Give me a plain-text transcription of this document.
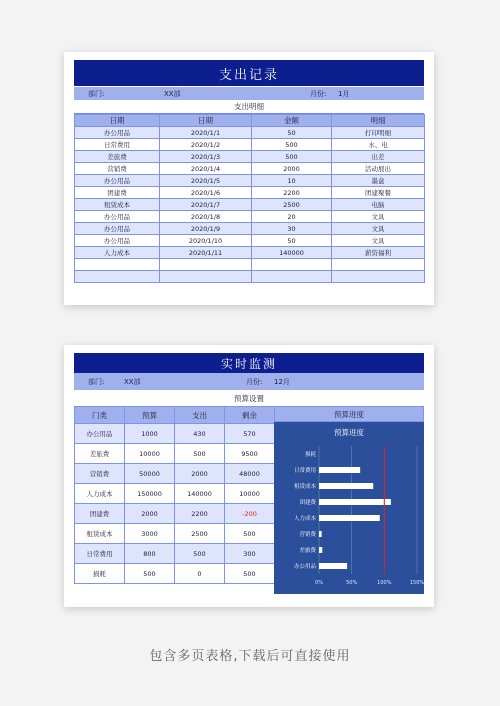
支出记录
部门:	XX部	月份: 1月
支出明细
日期	日期	金额	明细
办公用品	2020/1/1	50	打印明细
日常费用	2020/1/2	500	水、电
差旅费	2020/1/3	500	出差
营销费	2020/1/4	2000	活动展出
办公用品	2020/1/5	10	墨盒
团建费	2020/1/6	2200	团建聚餐
租赁成本	2020/1/7	2500	电脑
办公用品	2020/1/8	20	文具
办公用品	2020/1/9	30	文具
办公用品	2020/1/10	50	文具
人力成本	2020/1/11	140000	薪资福利

实时监测
部门:	XX部	月份: 12月
预算设置
门类	预算	支出	剩余
办公用品	1000	430	570
差旅费	10000	500	9500
营销费	50000	2000	48000
人力成本	150000	140000	10000
团建费	2000	2200	-200
租赁成本	3000	2500	500
日常费用	800	500	300
损耗	500	0	500
预算进度
预算进度
0%	50%	100%	150%
损耗
日常费用
租赁成本
团建费
人力成本
营销费
差旅费
办公用品
包含多页表格,下载后可直接使用
